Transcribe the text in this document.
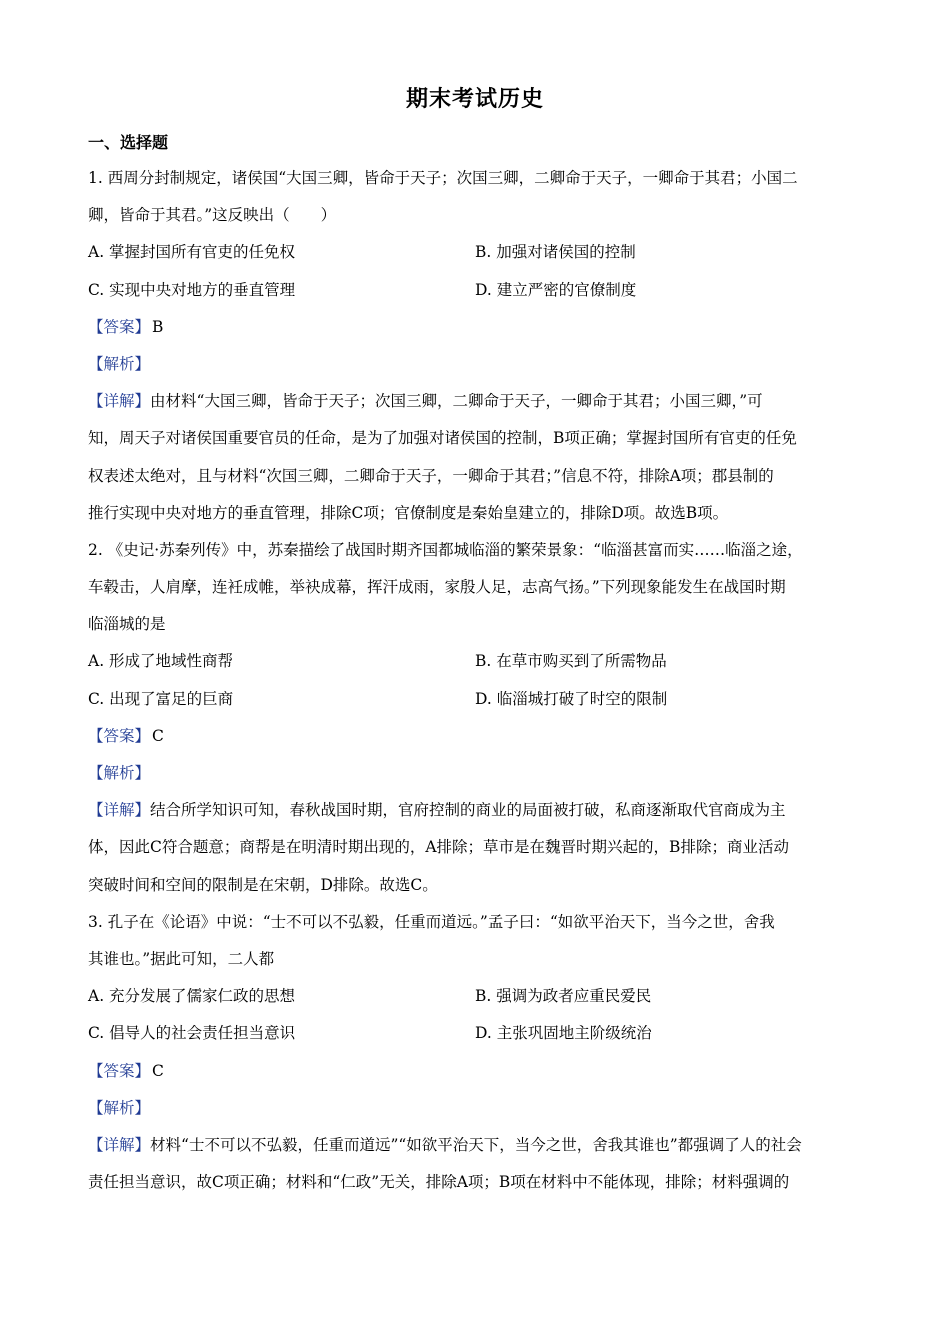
期末考试历史
一、选择题
1. 西周分封制规定，诸侯国“大国三卿，皆命于天子；次国三卿，二卿命于天子，一卿命于其君；小国二
卿，皆命于其君。”这反映出（　　）
A. 掌握封国所有官吏的任免权	B. 加强对诸侯国的控制
C. 实现中央对地方的垂直管理	D. 建立严密的官僚制度
【答案】 B
【解析】
【详解】由材料“大国三卿，皆命于天子；次国三卿，二卿命于天子，一卿命于其君；小国三卿，”可
知，周天子对诸侯国重要官员的任命，是为了加强对诸侯国的控制，B项正确；掌握封国所有官吏的任免
权表述太绝对，且与材料“次国三卿，二卿命于天子，一卿命于其君；”信息不符，排除A项；郡县制的
推行实现中央对地方的垂直管理，排除C项；官僚制度是秦始皇建立的，排除D项。故选B项。
2. 《史记·苏秦列传》中，苏秦描绘了战国时期齐国都城临淄的繁荣景象：“临淄甚富而实……临淄之途，
车毂击，人肩摩，连衽成帷，举袂成幕，挥汗成雨，家殷人足，志高气扬。”下列现象能发生在战国时期
临淄城的是
A. 形成了地域性商帮	B. 在草市购买到了所需物品
C. 出现了富足的巨商	D. 临淄城打破了时空的限制
【答案】 C
【解析】
【详解】结合所学知识可知，春秋战国时期，官府控制的商业的局面被打破，私商逐渐取代官商成为主
体，因此C符合题意；商帮是在明清时期出现的，A排除；草市是在魏晋时期兴起的，B排除；商业活动
突破时间和空间的限制是在宋朝，D排除。故选C。
3. 孔子在《论语》中说：“士不可以不弘毅，任重而道远。”孟子曰：“如欲平治天下，当今之世，舍我
其谁也。”据此可知，二人都
A. 充分发展了儒家仁政的思想	B. 强调为政者应重民爱民
C. 倡导人的社会责任担当意识	D. 主张巩固地主阶级统治
【答案】 C
【解析】
【详解】材料“士不可以不弘毅，任重而道远”“如欲平治天下，当今之世，舍我其谁也”都强调了人的社会
责任担当意识，故C项正确；材料和“仁政”无关，排除A项；B项在材料中不能体现，排除；材料强调的
